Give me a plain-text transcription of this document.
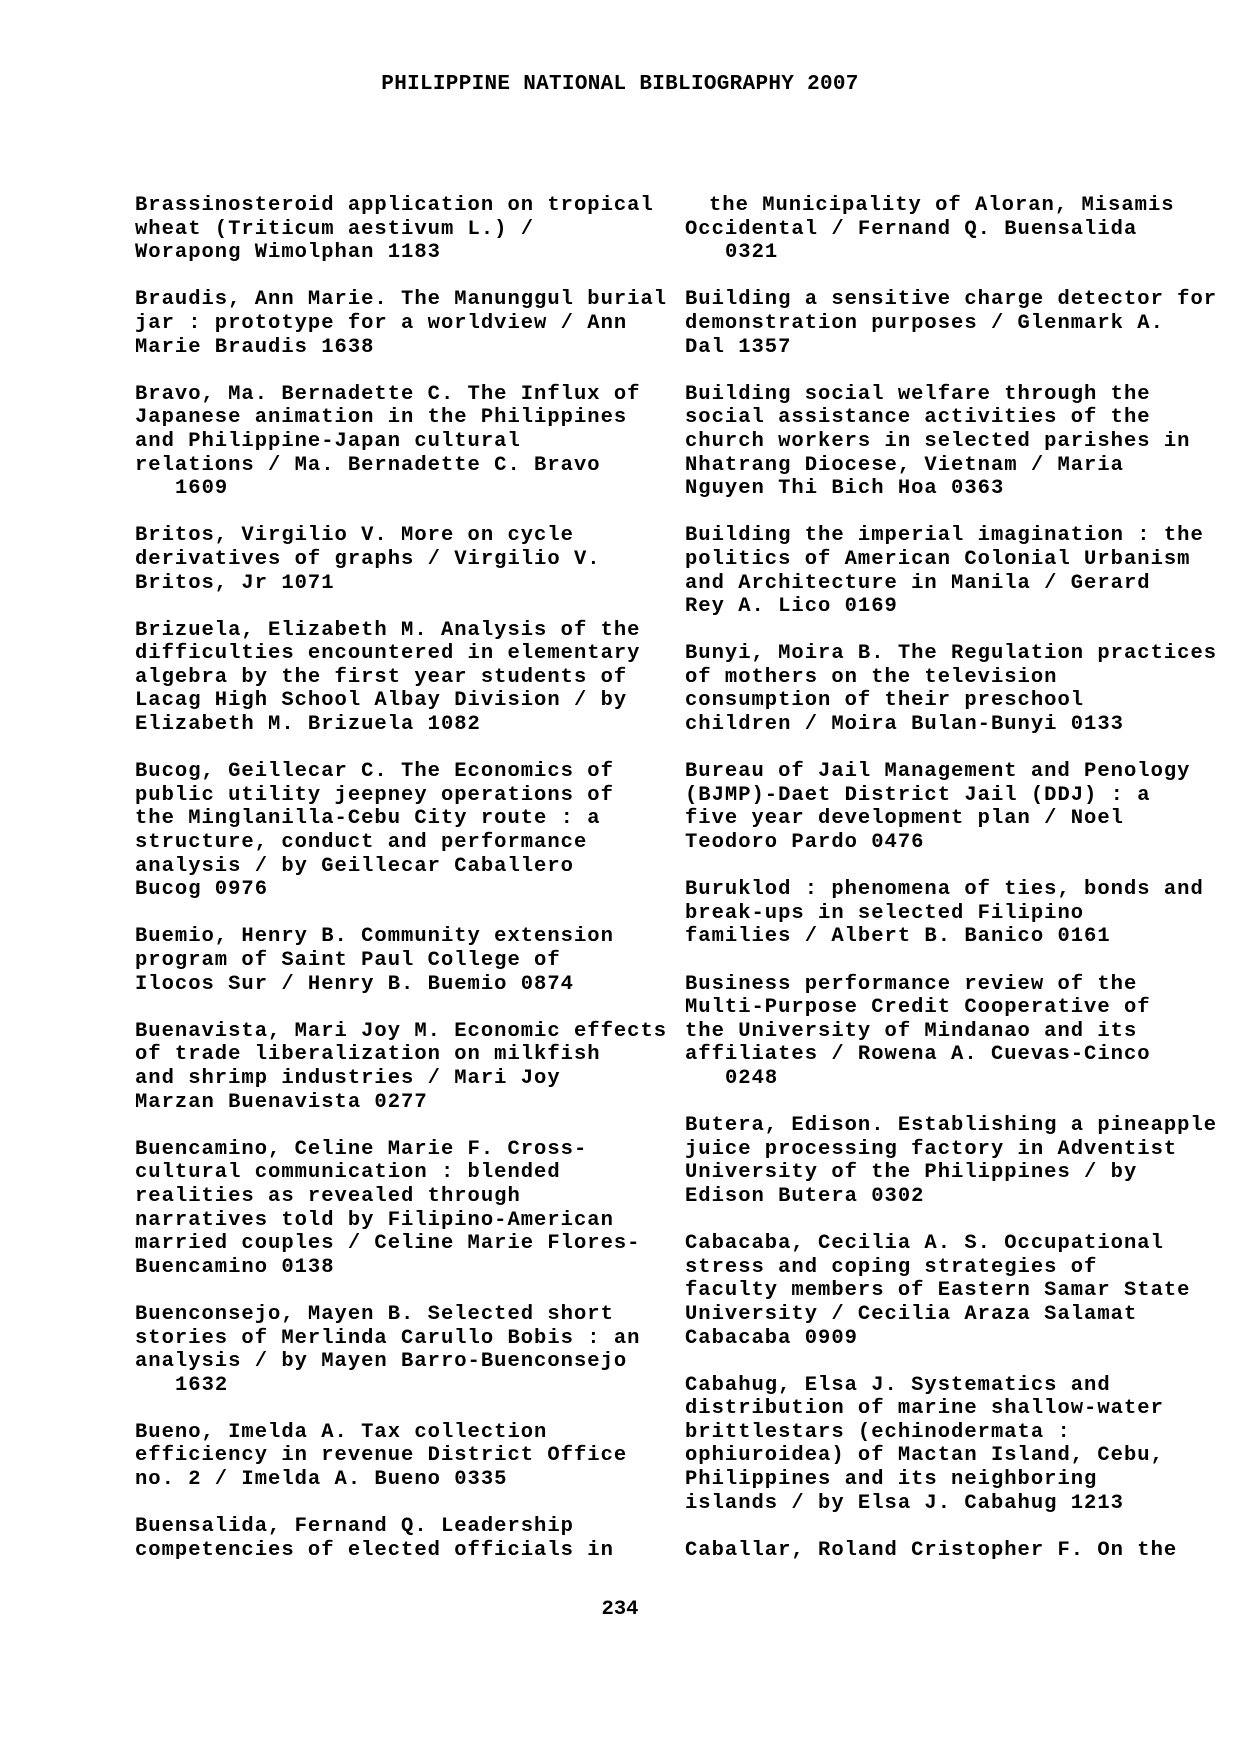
PHILIPPINE NATIONAL BIBLIOGRAPHY 2007
Brassinosteroid application on tropical
wheat (Triticum aestivum L.) /
Worapong Wimolphan 1183
Braudis, Ann Marie. The Manunggul burial
jar : prototype for a worldview / Ann
Marie Braudis 1638
Bravo, Ma. Bernadette C. The Influx of
Japanese animation in the Philippines
and Philippine-Japan cultural
relations / Ma. Bernadette C. Bravo
1609
Britos, Virgilio V. More on cycle
derivatives of graphs / Virgilio V.
Britos, Jr 1071
Brizuela, Elizabeth M. Analysis of the
difficulties encountered in elementary
algebra by the first year students of
Lacag High School Albay Division / by
Elizabeth M. Brizuela 1082
Bucog, Geillecar C. The Economics of
public utility jeepney operations of
the Minglanilla-Cebu City route : a
structure, conduct and performance
analysis / by Geillecar Caballero
Bucog 0976
Buemio, Henry B. Community extension
program of Saint Paul College of
Ilocos Sur / Henry B. Buemio 0874
Buenavista, Mari Joy M. Economic effects
of trade liberalization on milkfish
and shrimp industries / Mari Joy
Marzan Buenavista 0277
Buencamino, Celine Marie F. Cross-
cultural communication : blended
realities as revealed through
narratives told by Filipino-American
married couples / Celine Marie Flores-
Buencamino 0138
Buenconsejo, Mayen B. Selected short
stories of Merlinda Carullo Bobis : an
analysis / by Mayen Barro-Buenconsejo
1632
Bueno, Imelda A. Tax collection
efficiency in revenue District Office
no. 2 / Imelda A. Bueno 0335
Buensalida, Fernand Q. Leadership
competencies of elected officials in
the Municipality of Aloran, Misamis
Occidental / Fernand Q. Buensalida
0321
Building a sensitive charge detector for
demonstration purposes / Glenmark A.
Dal 1357
Building social welfare through the
social assistance activities of the
church workers in selected parishes in
Nhatrang Diocese, Vietnam / Maria
Nguyen Thi Bich Hoa 0363
Building the imperial imagination : the
politics of American Colonial Urbanism
and Architecture in Manila / Gerard
Rey A. Lico 0169
Bunyi, Moira B. The Regulation practices
of mothers on the television
consumption of their preschool
children / Moira Bulan-Bunyi 0133
Bureau of Jail Management and Penology
(BJMP)-Daet District Jail (DDJ) : a
five year development plan / Noel
Teodoro Pardo 0476
Buruklod : phenomena of ties, bonds and
break-ups in selected Filipino
families / Albert B. Banico 0161
Business performance review of the
Multi-Purpose Credit Cooperative of
the University of Mindanao and its
affiliates / Rowena A. Cuevas-Cinco
0248
Butera, Edison. Establishing a pineapple
juice processing factory in Adventist
University of the Philippines / by
Edison Butera 0302
Cabacaba, Cecilia A. S. Occupational
stress and coping strategies of
faculty members of Eastern Samar State
University / Cecilia Araza Salamat
Cabacaba 0909
Cabahug, Elsa J. Systematics and
distribution of marine shallow-water
brittlestars (echinodermata :
ophiuroidea) of Mactan Island, Cebu,
Philippines and its neighboring
islands / by Elsa J. Cabahug 1213
Caballar, Roland Cristopher F. On the
234
